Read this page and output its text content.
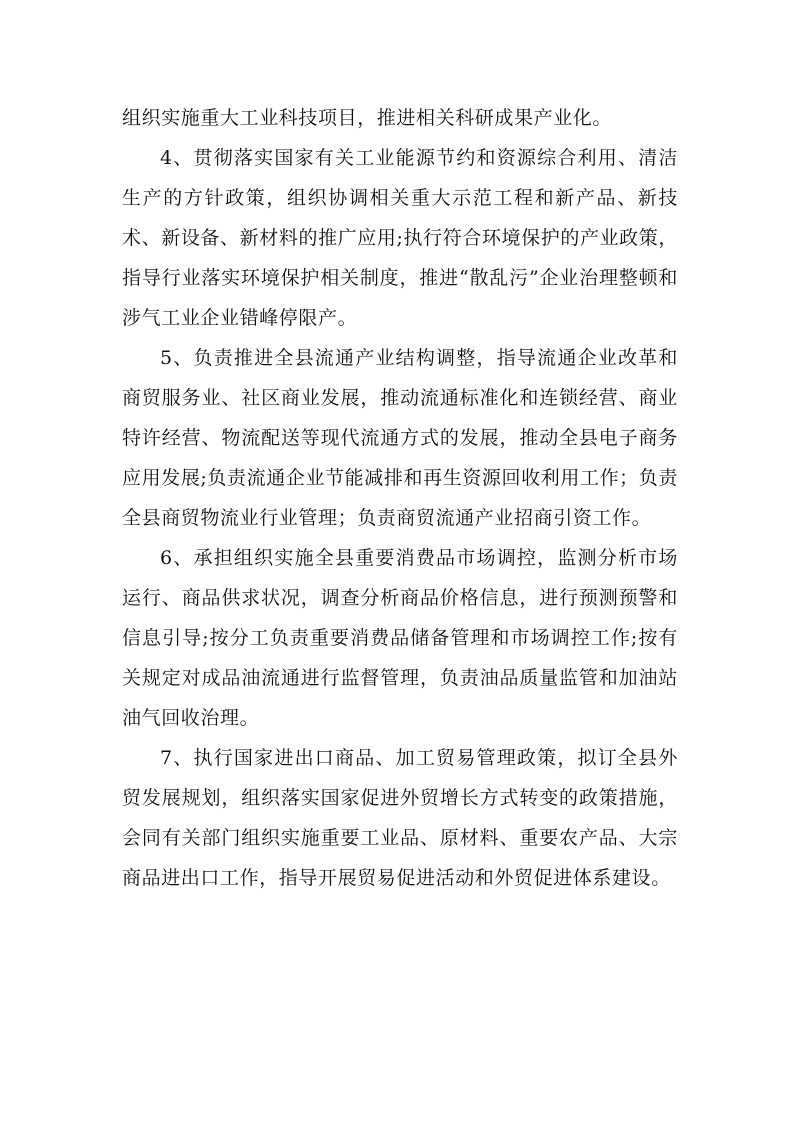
组织实施重大工业科技项目，推进相关科研成果产业化。

4、贯彻落实国家有关工业能源节约和资源综合利用、清洁生产的方针政策，组织协调相关重大示范工程和新产品、新技术、新设备、新材料的推广应用;执行符合环境保护的产业政策，指导行业落实环境保护相关制度，推进“散乱污”企业治理整顿和涉气工业企业错峰停限产。

5、负责推进全县流通产业结构调整，指导流通企业改革和商贸服务业、社区商业发展，推动流通标准化和连锁经营、商业特许经营、物流配送等现代流通方式的发展，推动全县电子商务应用发展;负责流通企业节能减排和再生资源回收利用工作；负责全县商贸物流业行业管理；负责商贸流通产业招商引资工作。

6、承担组织实施全县重要消费品市场调控，监测分析市场运行、商品供求状况，调查分析商品价格信息，进行预测预警和信息引导;按分工负责重要消费品储备管理和市场调控工作;按有关规定对成品油流通进行监督管理，负责油品质量监管和加油站油气回收治理。

7、执行国家进出口商品、加工贸易管理政策，拟订全县外贸发展规划，组织落实国家促进外贸增长方式转变的政策措施，会同有关部门组织实施重要工业品、原材料、重要农产品、大宗商品进出口工作，指导开展贸易促进活动和外贸促进体系建设。
